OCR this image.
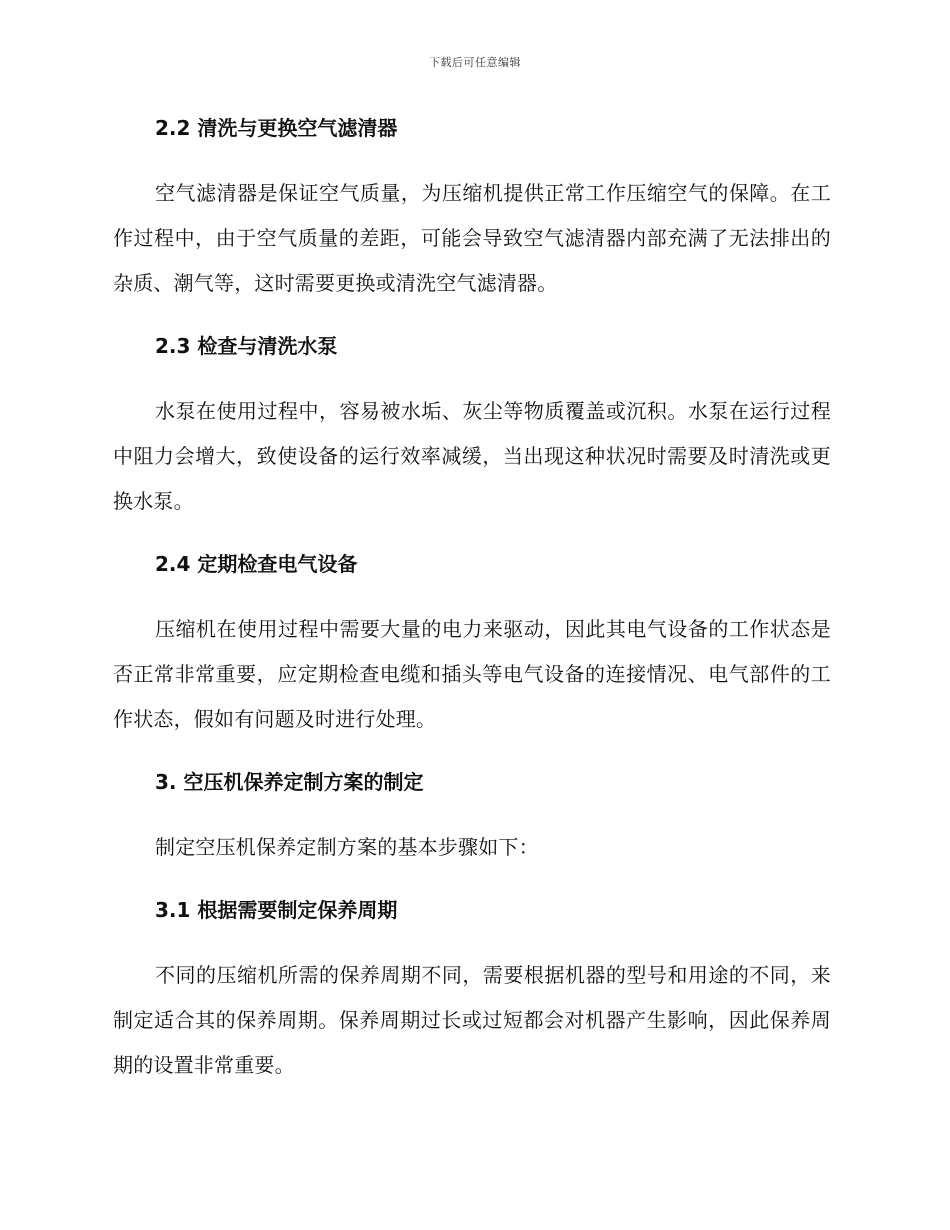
下载后可任意编辑
2.2 清洗与更换空气滤清器

空气滤清器是保证空气质量，为压缩机提供正常工作压缩空气的保障。在工作过程中，由于空气质量的差距，可能会导致空气滤清器内部充满了无法排出的杂质、潮气等，这时需要更换或清洗空气滤清器。

2.3 检查与清洗水泵

水泵在使用过程中，容易被水垢、灰尘等物质覆盖或沉积。水泵在运行过程中阻力会增大，致使设备的运行效率减缓，当出现这种状况时需要及时清洗或更换水泵。

2.4 定期检查电气设备

压缩机在使用过程中需要大量的电力来驱动，因此其电气设备的工作状态是否正常非常重要，应定期检查电缆和插头等电气设备的连接情况、电气部件的工作状态，假如有问题及时进行处理。

3. 空压机保养定制方案的制定

制定空压机保养定制方案的基本步骤如下：

3.1 根据需要制定保养周期

不同的压缩机所需的保养周期不同，需要根据机器的型号和用途的不同，来制定适合其的保养周期。保养周期过长或过短都会对机器产生影响，因此保养周期的设置非常重要。
